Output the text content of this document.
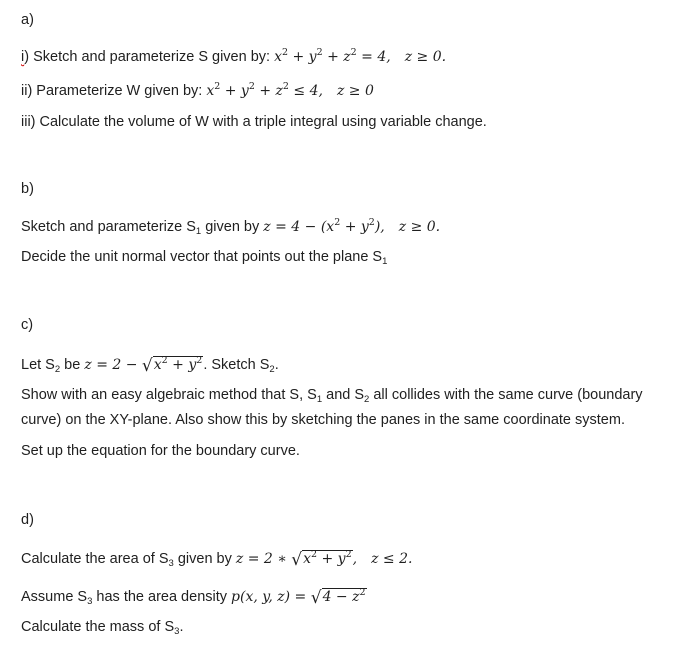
a)
i) Sketch and parameterize S given by: $x^2 + y^2 + z^2 = 4$, z ≥ 0.
ii) Parameterize W given by: $x^2 + y^2 + z^2 \le 4$, z ≥ 0
iii) Calculate the volume of W with a triple integral using variable change.
b)
Sketch and parameterize $S_1$ given by $z = 4 - (x^2 + y^2)$, z ≥ 0.
Decide the unit normal vector that points out the plane $S_1$
c)
Let $S_2$ be $z = 2 - √x^2 + y^2$. Sketch $S_2$.
Show with an easy algebraic method that S, $S_1$ and $S_2$ all collides with the same curve (boundary curve) on the XY-plane. Also show this by sketching the panes in the same coordinate system.
Set up the equation for the boundary curve.
d)
Calculate the area of $S_3$ given by z = 2 ∗ $√x^2 + y^2$, z ≤ 2.
Assume $S_3$ has the area density p(x, y, $z) = √4 - z^2$
Calculate the mass of $S_3$.
